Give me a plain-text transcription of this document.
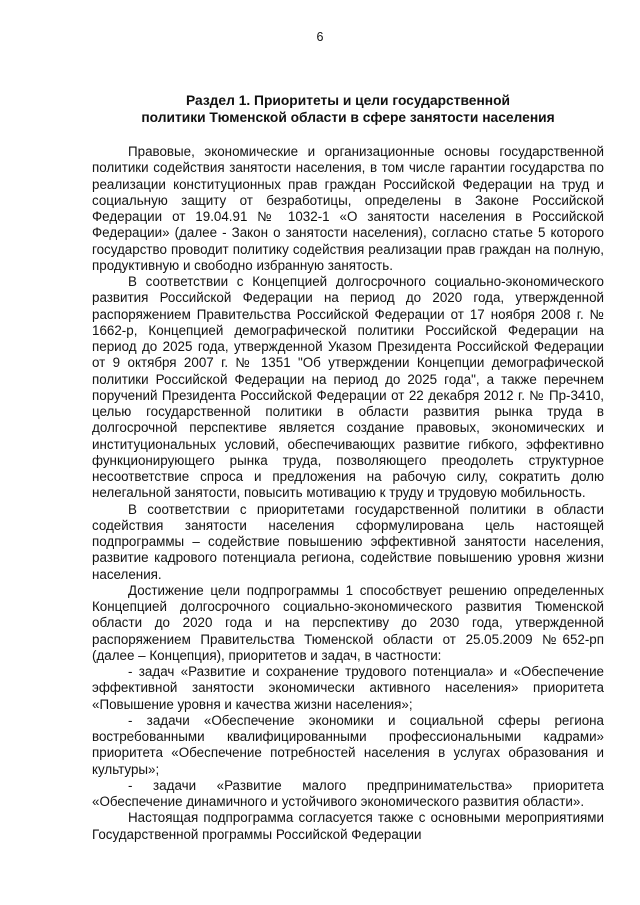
6
Раздел 1. Приоритеты и цели государственной
политики Тюменской области в сфере занятости населения

Правовые, экономические и организационные основы государственной политики содействия занятости населения, в том числе гарантии государства по реализации конституционных прав граждан Российской Федерации на труд и социальную защиту от безработицы, определены в Законе Российской Федерации от 19.04.91 № 1032-1 «О занятости населения в Российской Федерации» (далее - Закон о занятости населения), согласно статье 5 которого государство проводит политику содействия реализации прав граждан на полную, продуктивную и свободно избранную занятость.

В соответствии с Концепцией долгосрочного социально-экономического развития Российской Федерации на период до 2020 года, утвержденной распоряжением Правительства Российской Федерации от 17 ноября 2008 г. № 1662-р, Концепцией демографической политики Российской Федерации на период до 2025 года, утвержденной Указом Президента Российской Федерации от 9 октября 2007 г. № 1351 "Об утверждении Концепции демографической политики Российской Федерации на период до 2025 года", а также перечнем поручений Президента Российской Федерации от 22 декабря 2012 г. № Пр-3410, целью государственной политики в области развития рынка труда в долгосрочной перспективе является создание правовых, экономических и институциональных условий, обеспечивающих развитие гибкого, эффективно функционирующего рынка труда, позволяющего преодолеть структурное несоответствие спроса и предложения на рабочую силу, сократить долю нелегальной занятости, повысить мотивацию к труду и трудовую мобильность.

В соответствии с приоритетами государственной политики в области содействия занятости населения сформулирована цель настоящей подпрограммы – содействие повышению эффективной занятости населения, развитие кадрового потенциала региона, содействие повышению уровня жизни населения.

Достижение цели подпрограммы 1 способствует решению определенных Концепцией долгосрочного социально-экономического развития Тюменской области до 2020 года и на перспективу до 2030 года, утвержденной распоряжением Правительства Тюменской области от 25.05.2009 №652-рп (далее – Концепция), приоритетов и задач, в частности:

- задач «Развитие и сохранение трудового потенциала» и «Обеспечение эффективной занятости экономически активного населения» приоритета «Повышение уровня и качества жизни населения»;

- задачи «Обеспечение экономики и социальной сферы региона востребованными квалифицированными профессиональными кадрами» приоритета «Обеспечение потребностей населения в услугах образования и культуры»;

- задачи «Развитие малого предпринимательства» приоритета «Обеспечение динамичного и устойчивого экономического развития области».

Настоящая подпрограмма согласуется также с основными мероприятиями Государственной программы Российской Федерации
